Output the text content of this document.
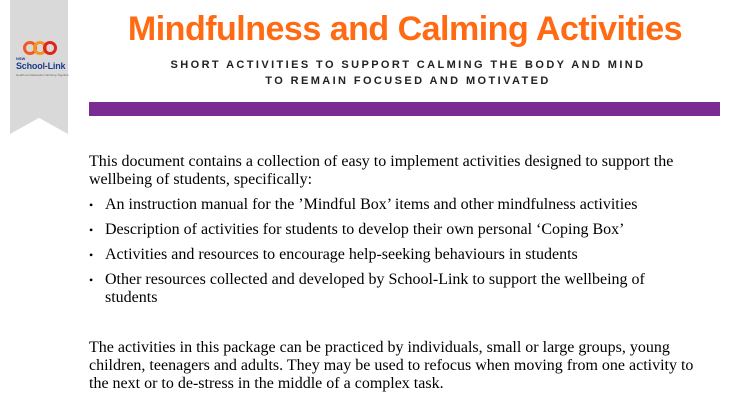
NSW
School-Link
Health and Education Working Together
Mindfulness and Calming Activities
SHORT ACTIVITIES TO SUPPORT CALMING THE BODY AND MIND
TO REMAIN FOCUSED AND MOTIVATED
This document contains a collection of easy to implement activities designed to support the wellbeing of students, specifically:
• An instruction manual for the ’Mindful Box’ items and other mindfulness activities
• Description of activities for students to develop their own personal ‘Coping Box’
• Activities and resources to encourage help-seeking behaviours in students
• Other resources collected and developed by School-Link to support the wellbeing of students
The activities in this package can be practiced by individuals, small or large groups, young children, teenagers and adults. They may be used to refocus when moving from one activity to the next or to de-stress in the middle of a complex task.
